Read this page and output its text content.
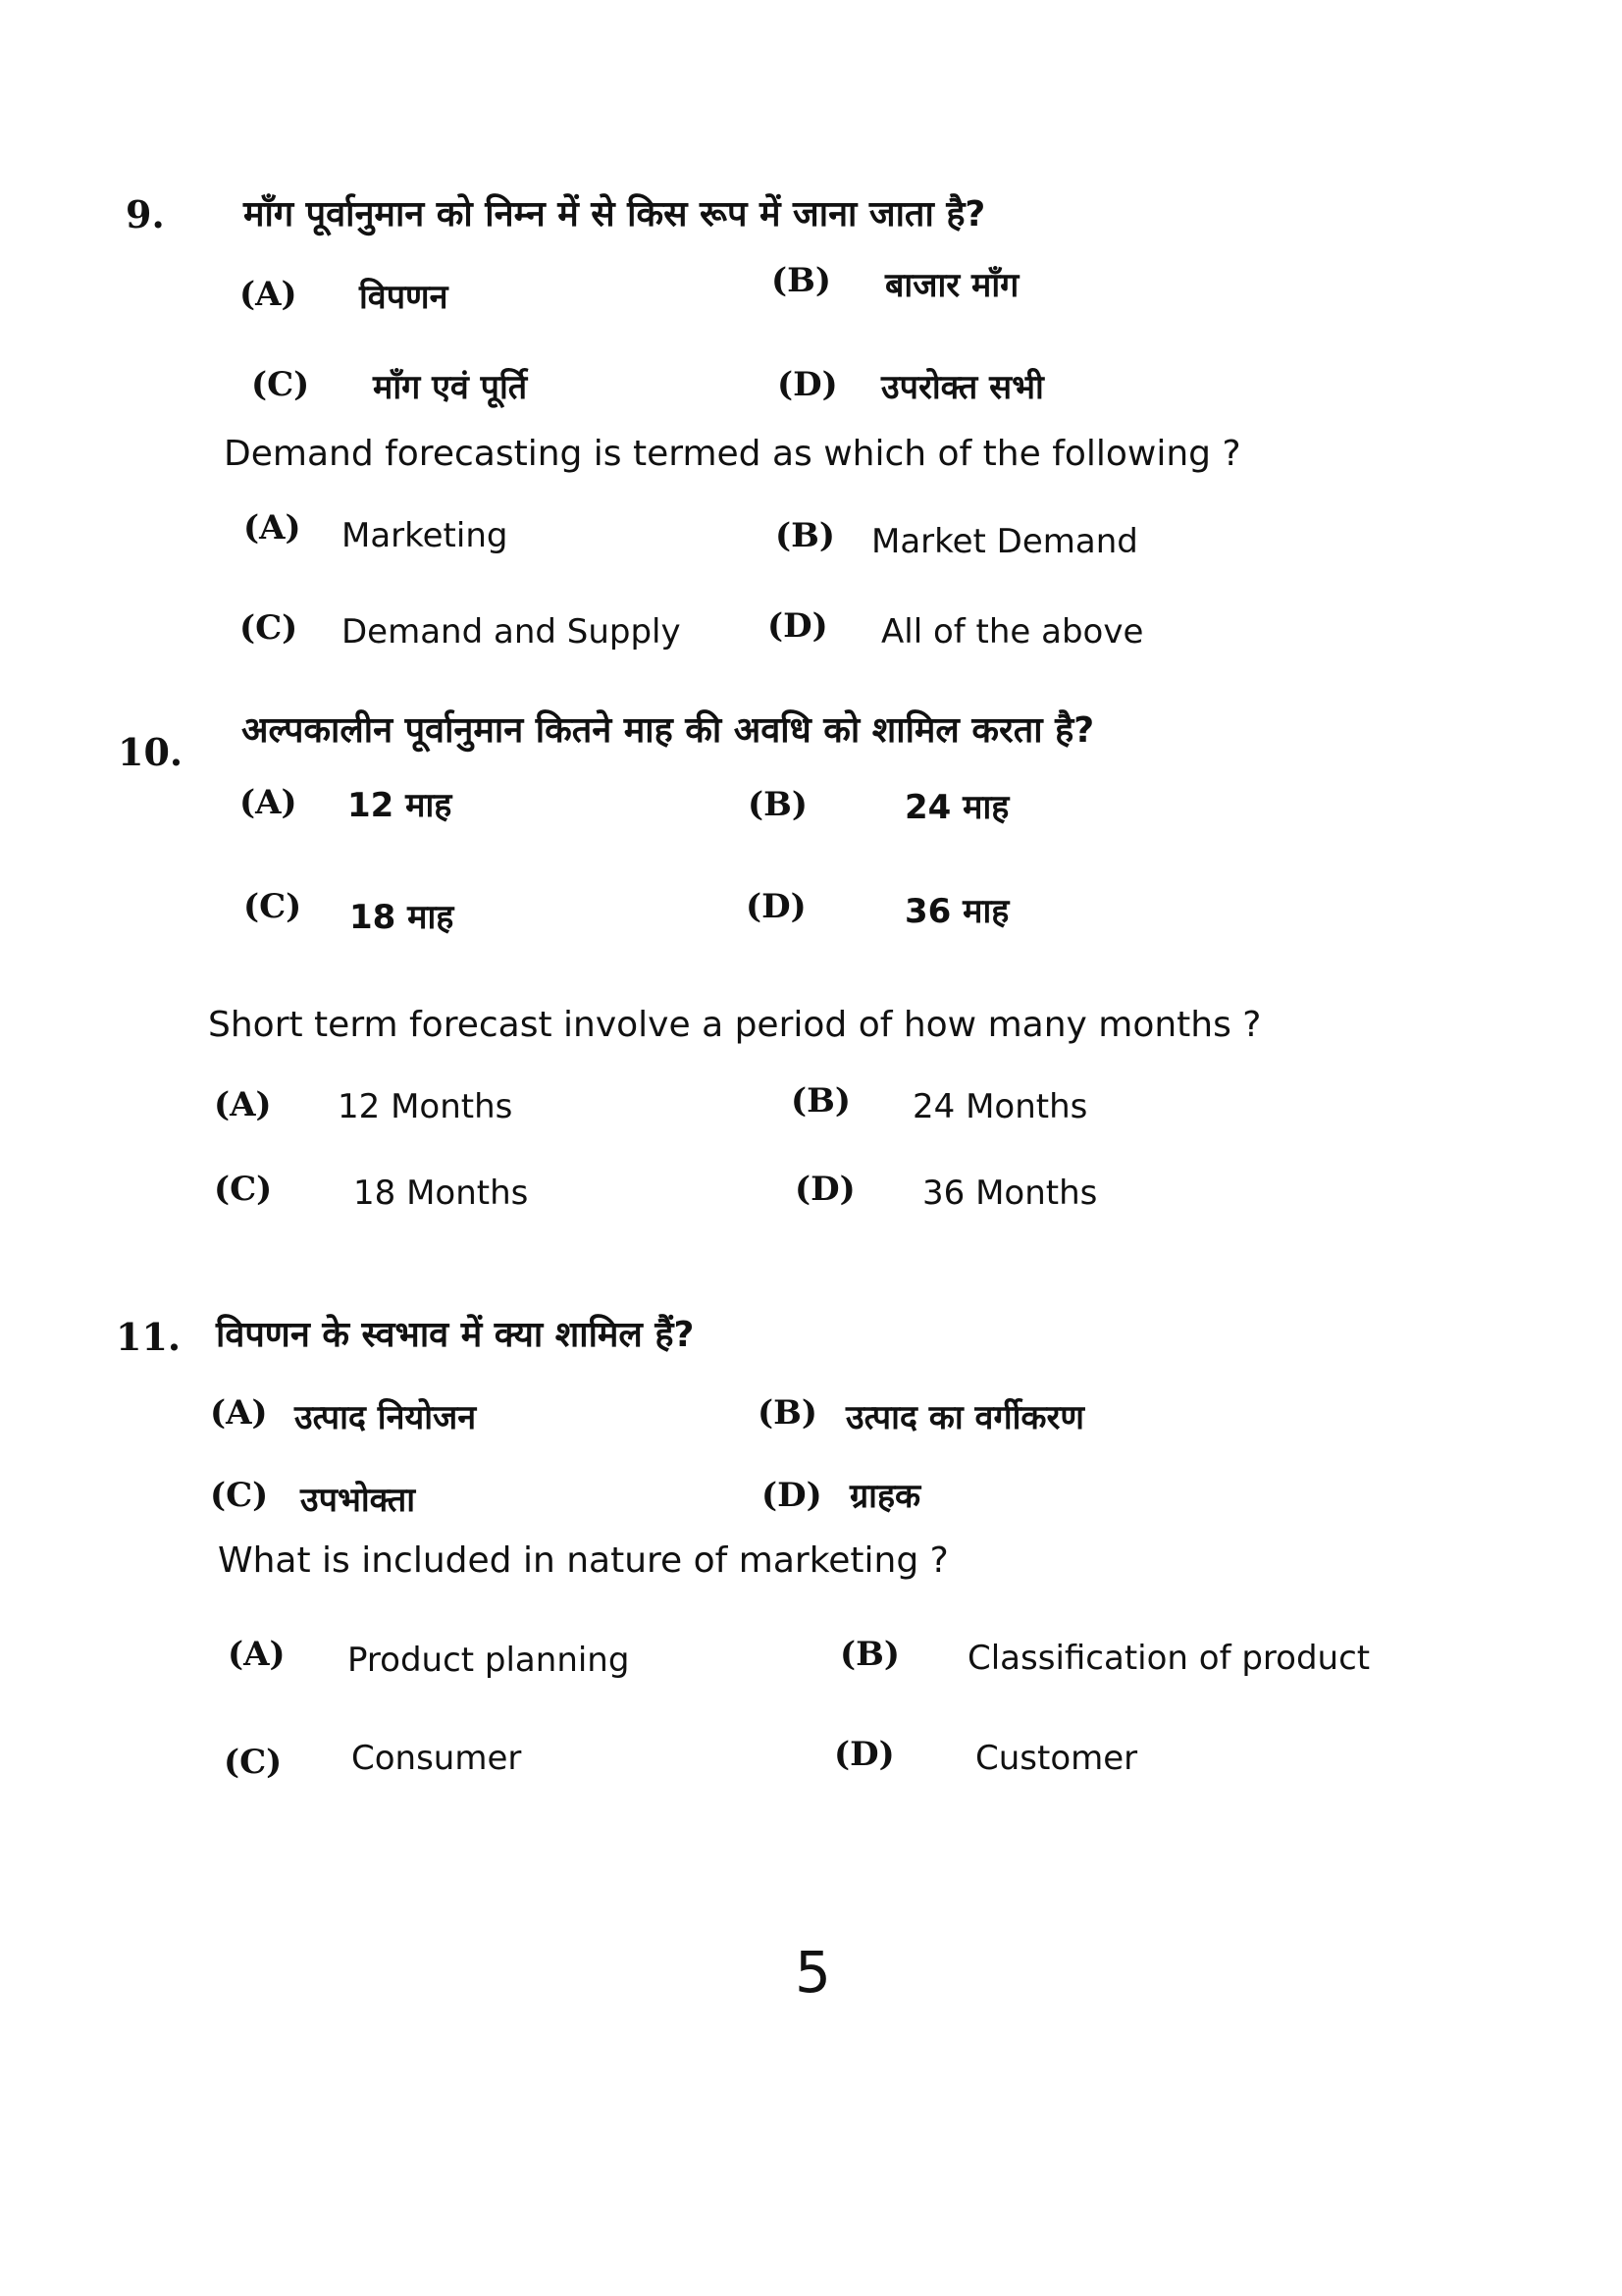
9. माँग पूर्वानुमान को निम्न में से किस रूप में जाना जाता है?
(A) विपणन	(B) बाजार माँग
(C) माँग एवं पूर्ति	(D) उपरोक्त सभी
Demand forecasting is termed as which of the following ?
(A) Marketing	(B) Market Demand
(C) Demand and Supply	(D) All of the above
10. अल्पकालीन पूर्वानुमान कितने माह की अवधि को शामिल करता है?
(A) 12 माह	(B)	24 माह
(C) 18 माह	(D)	36 माह
Short term forecast involve a period of how many months ?
(A) 12 Months	(B) 24 Months
(C) 18 Months	(D) 36 Months
11. विपणन के स्वभाव में क्या शामिल हैं?
(A) उत्पाद नियोजन	(B) उत्पाद का वर्गीकरण
(C) उपभोक्ता	(D) ग्राहक
What is included in nature of marketing ?
(A) Product planning	(B) Classification of product
(C) Consumer	(D) Customer
5
